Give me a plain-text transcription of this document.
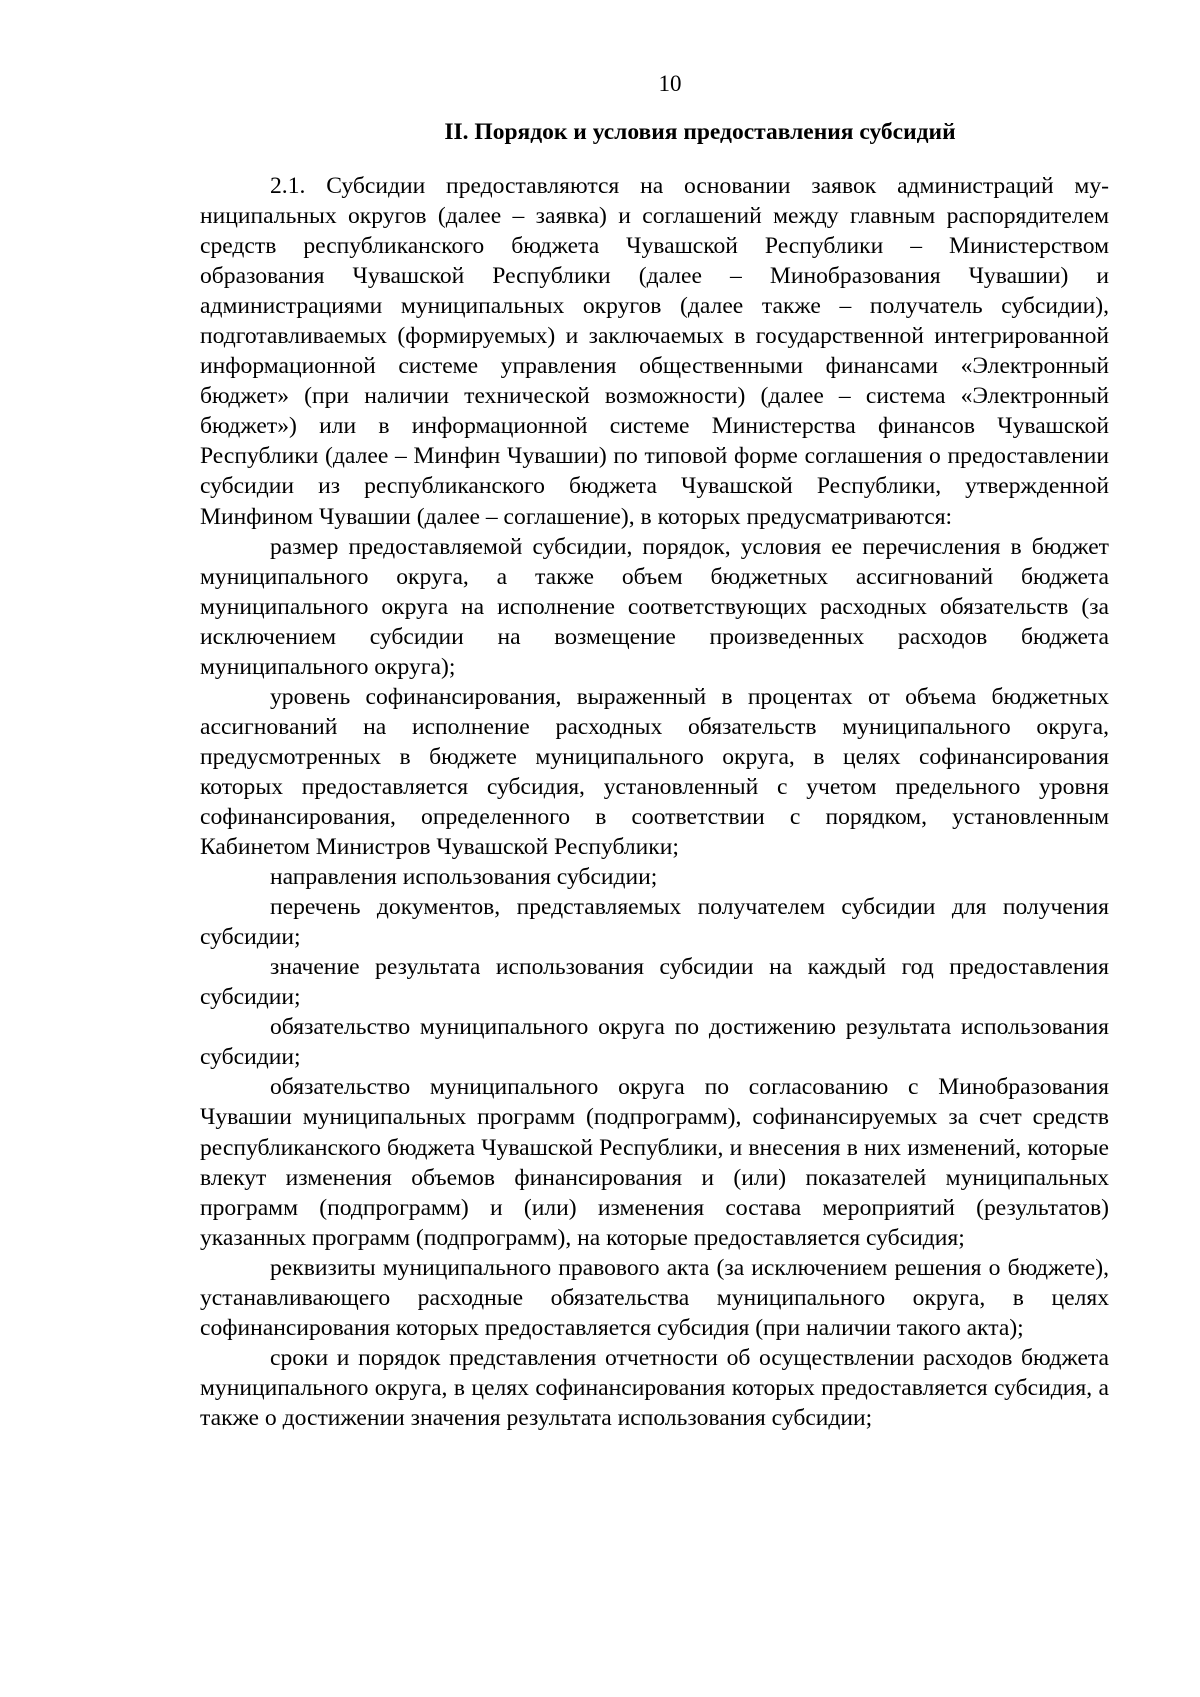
10
II. Порядок и условия предоставления субсидий

2.1. Субсидии предоставляются на основании заявок администраций муниципальных округов (далее – заявка) и соглашений между главным распорядителем средств республиканского бюджета Чувашской Республики – Министерством образования Чувашской Республики (далее – Минобразования Чувашии) и администрациями муниципальных округов (далее также – получатель субсидии), подготавливаемых (формируемых) и заключаемых в государственной интегрированной информационной системе управления общественными финансами «Электронный бюджет» (при наличии технической возможности) (далее – система «Электронный бюджет») или в информационной системе Министерства финансов Чувашской Республики (далее – Минфин Чувашии) по типовой форме соглашения о предоставлении субсидии из республиканского бюджета Чувашской Республики, утвержденной Минфином Чувашии (далее – соглашение), в которых предусматриваются:

размер предоставляемой субсидии, порядок, условия ее перечисления в бюджет муниципального округа, а также объем бюджетных ассигнований бюджета муниципального округа на исполнение соответствующих расходных обязательств (за исключением субсидии на возмещение произведенных расходов бюджета муниципального округа);

уровень софинансирования, выраженный в процентах от объема бюджетных ассигнований на исполнение расходных обязательств муниципального округа, предусмотренных в бюджете муниципального округа, в целях софинансирования которых предоставляется субсидия, установленный с учетом предельного уровня софинансирования, определенного в соответствии с порядком, установленным Кабинетом Министров Чувашской Республики;

направления использования субсидии;

перечень документов, представляемых получателем субсидии для получения субсидии;

значение результата использования субсидии на каждый год предоставления субсидии;

обязательство муниципального округа по достижению результата использования субсидии;

обязательство муниципального округа по согласованию с Минобразования Чувашии муниципальных программ (подпрограмм), софинансируемых за счет средств республиканского бюджета Чувашской Республики, и внесения в них изменений, которые влекут изменения объемов финансирования и (или) показателей муниципальных программ (подпрограмм) и (или) изменения состава мероприятий (результатов) указанных программ (подпрограмм), на которые предоставляется субсидия;

реквизиты муниципального правового акта (за исключением решения о бюджете), устанавливающего расходные обязательства муниципального округа, в целях софинансирования которых предоставляется субсидия (при наличии такого акта);

сроки и порядок представления отчетности об осуществлении расходов бюджета муниципального округа, в целях софинансирования которых предоставляется субсидия, а также о достижении значения результата использования субсидии;
